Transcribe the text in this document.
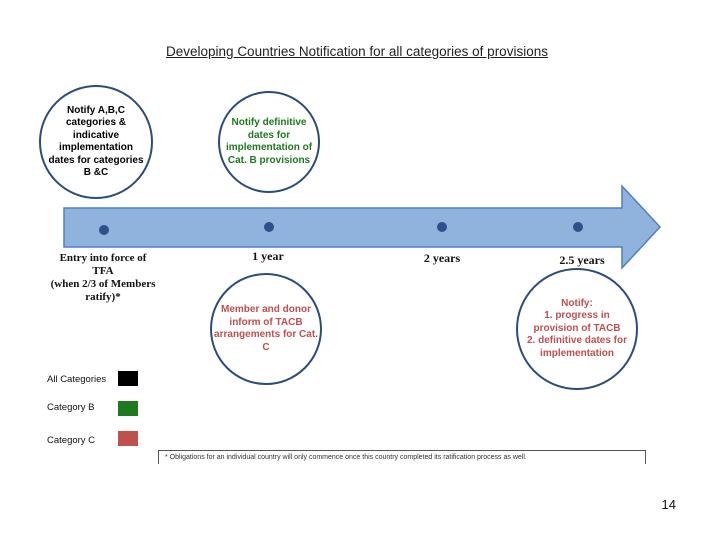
Developing Countries Notification for all categories of provisions
Notify A,B,C categories & indicative implementation dates for categories B &C
Notify definitive dates for implementation of Cat. B provisions
Member and donor inform of TACB arrangements for Cat. C
Notify:
1. progress in provision of TACB
2. definitive dates for implementation
Entry into force of TFA
(when 2/3 of Members ratify)*
1 year	2 years	2.5 years
All Categories
Category B
Category C
* Obligations for an individual country will only commence once this country completed its ratification process as well.
14
